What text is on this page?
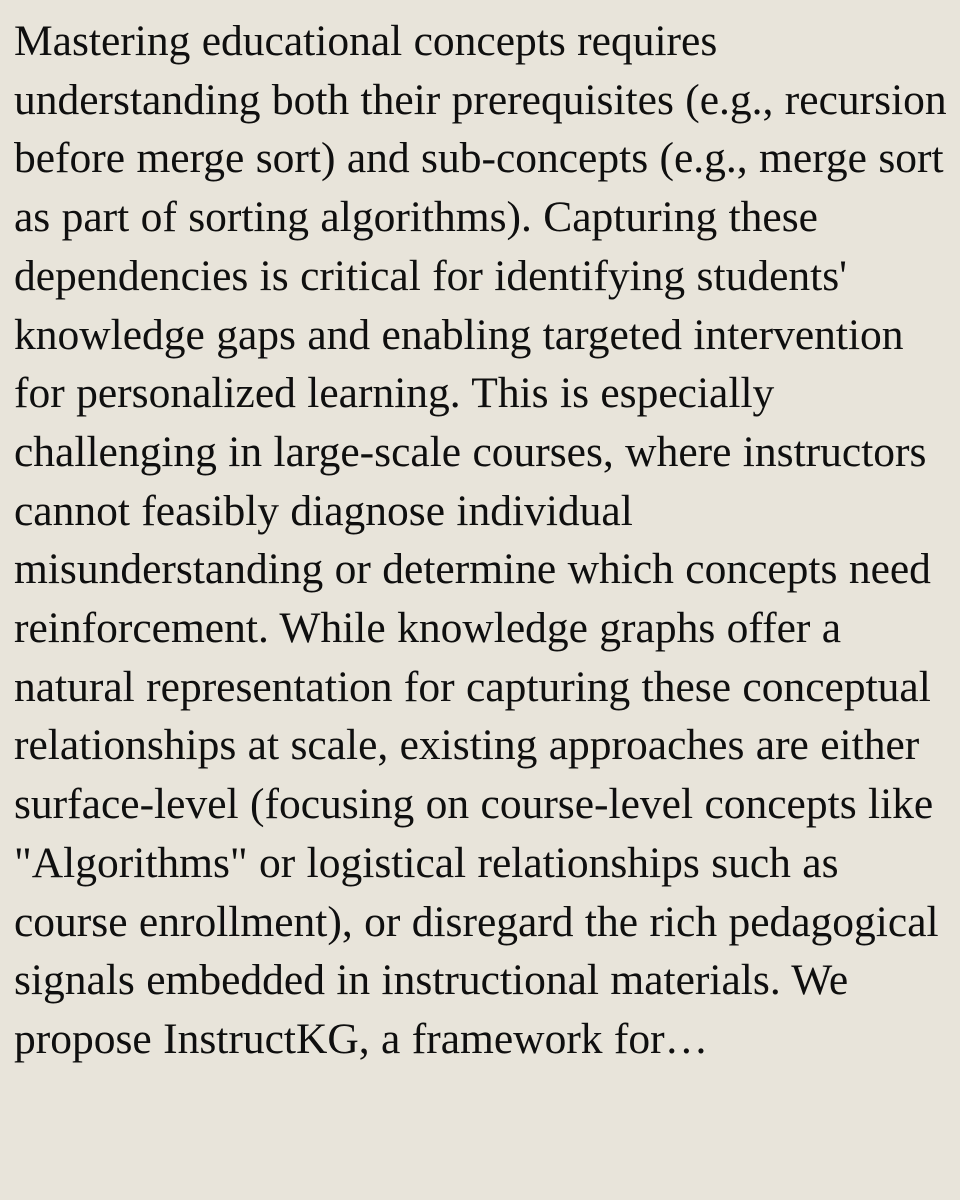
Mastering educational concepts requires understanding both their prerequisites (e.g., recursion before merge sort) and sub-concepts (e.g., merge sort as part of sorting algorithms). Capturing these dependencies is critical for identifying students' knowledge gaps and enabling targeted intervention for personalized learning. This is especially challenging in large-scale courses, where instructors cannot feasibly diagnose individual misunderstanding or determine which concepts need reinforcement. While knowledge graphs offer a natural representation for capturing these conceptual relationships at scale, existing approaches are either surface-level (focusing on course-level concepts like "Algorithms" or logistical relationships such as course enrollment), or disregard the rich pedagogical signals embedded in instructional materials. We propose InstructKG, a framework for…
